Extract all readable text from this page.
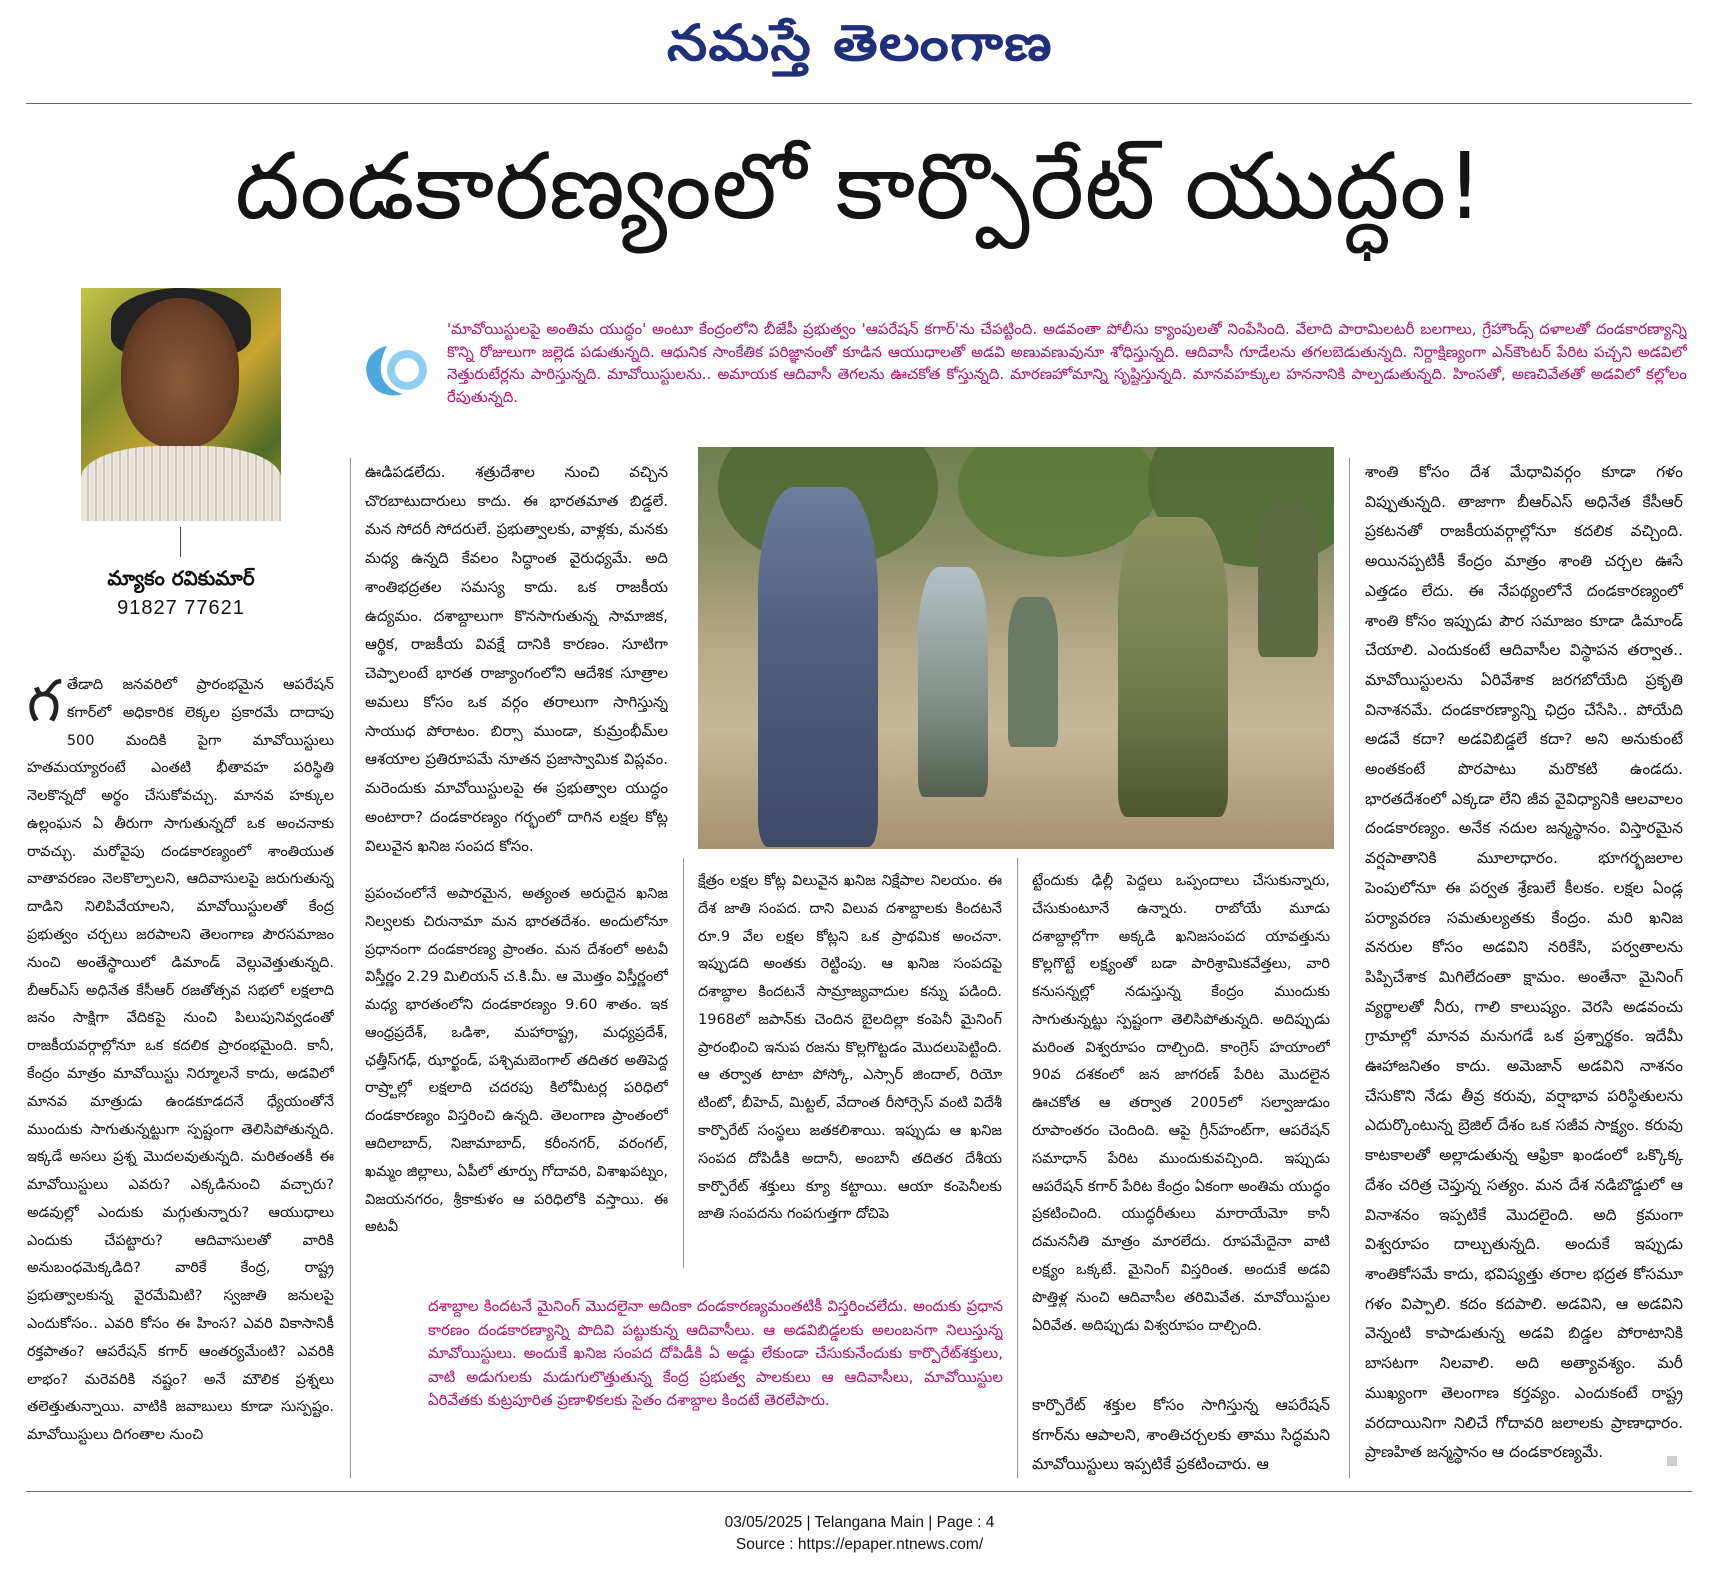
నమస్తే తెలంగాణ
దండకారణ్యంలో కార్పొరేట్ యుద్ధం!
మ్యాకం రవికుమార్
91827 77621
'మావోయిస్టులపై అంతిమ యుద్ధం' అంటూ కేంద్రంలోని బీజేపీ ప్రభుత్వం 'ఆపరేషన్ కగార్'ను చేపట్టింది. అడవంతా పోలీసు క్యాంపులతో నింపేసింది. వేలాది పారామిలటరీ బలగాలు, గ్రేహౌండ్స్ దళాలతో దండకారణ్యాన్ని కొన్ని రోజులుగా జల్లెడ పడుతున్నది. ఆధునిక సాంకేతిక పరిజ్ఞానంతో కూడిన ఆయుధాలతో అడవి అణువణువునూ శోధిస్తున్నది. ఆదివాసీ గూడేలను తగలబెడుతున్నది. నిర్దాక్షిణ్యంగా ఎన్‌కౌంటర్ పేరిట పచ్చని అడవిలో నెత్తురుటేర్లను పారిస్తున్నది. మావోయిస్టులను.. అమాయక ఆదివాసీ తెగలను ఊచకోత కోస్తున్నది. మారణహోమాన్ని సృష్టిస్తున్నది. మానవహక్కుల హననానికి పాల్పడుతున్నది. హింసతో, అణచివేతతో అడవిలో కల్లోలం రేపుతున్నది.
గ తేడాది జనవరిలో ప్రారంభమైన ఆపరేషన్ కగార్‌లో అధికారిక లెక్కల ప్రకారమే దాదాపు 500 మందికి పైగా మావోయిస్టులు హతమయ్యారంటే ఎంతటి భీతావహ పరిస్థితి నెలకొన్నదో అర్థం చేసుకోవచ్చు. మానవ హక్కుల ఉల్లంఘన ఏ తీరుగా సాగుతున్నదో ఒక అంచనాకు రావచ్చు. మరోవైపు దండకారణ్యంలో శాంతియుత వాతావరణం నెలకొల్పాలని, ఆదివాసులపై జరుగుతున్న దాడిని నిలిపివేయాలని, మావోయిస్టులతో కేంద్ర ప్రభుత్వం చర్చలు జరపాలని తెలంగాణ పౌరసమాజం నుంచి అంతేస్థాయిలో డిమాండ్ వెల్లువెత్తుతున్నది. బీఆర్ఎస్ అధినేత కేసీఆర్ రజతోత్సవ సభలో లక్షలాది జనం సాక్షిగా వేదికపై నుంచి పిలుపునివ్వడంతో రాజకీయవర్గాల్లోనూ ఒక కదలిక ప్రారంభమైంది. కానీ, కేంద్రం మాత్రం మావోయిస్టు నిర్మూలనే కాదు, అడవిలో మానవ మాత్రుడు ఉండకూడదనే ధ్యేయంతోనే ముందుకు సాగుతున్నట్టుగా స్పష్టంగా తెలిసిపోతున్నది. ఇక్కడే అసలు ప్రశ్న మొదలవుతున్నది. మరితంతకీ ఈ మావోయిస్టులు ఎవరు? ఎక్కడినుంచి వచ్చారు? అడవుల్లో ఎందుకు మగ్గుతున్నారు? ఆయుధాలు ఎందుకు చేపట్టారు? ఆదివాసులతో వారికి అనుబంధమెక్కడిది? వారికే కేంద్ర, రాష్ట్ర ప్రభుత్వాలకున్న వైరమేమిటి? స్వజాతి జనులపై ఎందుకోసం.. ఎవరి కోసం ఈ హింస? ఎవరి వికాసానికీ రక్తపాతం? ఆపరేషన్ కగార్ ఆంతర్యమేంటి? ఎవరికి లాభం? మరెవరికి నష్టం? అనే మౌలిక ప్రశ్నలు తలెత్తుతున్నాయి. వాటికి జవాబులు కూడా సుస్పష్టం. మావోయిస్టులు దిగంతాల నుంచి
ఊడిపడలేదు. శత్రుదేశాల నుంచి వచ్చిన చొరబాటుదారులు కాదు. ఈ భారతమాత బిడ్డలే. మన సోదరీ సోదరులే. ప్రభుత్వాలకు, వాళ్లకు, మనకు మధ్య ఉన్నది కేవలం సిద్ధాంత వైరుధ్యమే. అది శాంతిభద్రతల సమస్య కాదు. ఒక రాజకీయ ఉద్యమం. దశాబ్దాలుగా కొనసాగుతున్న సామాజిక, ఆర్థిక, రాజకీయ వివక్షే దానికి కారణం. సూటిగా చెప్పాలంటే భారత రాజ్యాంగంలోని ఆదేశిక సూత్రాల అమలు కోసం ఒక వర్గం తరాలుగా సాగిస్తున్న సాయుధ పోరాటం. బిర్సా ముండా, కుమ్రంభీమ్‌ల ఆశయాల ప్రతిరూపమే నూతన ప్రజాస్వామిక విప్లవం. మరెందుకు మావోయిస్టులపై ఈ ప్రభుత్వాల యుద్ధం అంటారా? దండకారణ్యం గర్భంలో దాగిన లక్షల కోట్ల విలువైన ఖనిజ సంపద కోసం.
ప్రపంచంలోనే అపారమైన, అత్యంత అరుదైన ఖనిజ నిల్వలకు చిరునామా మన భారతదేశం. అందులోనూ ప్రధానంగా దండకారణ్య ప్రాంతం. మన దేశంలో అటవీ విస్తీర్ణం 2.29 మిలియన్ చ.కి.మీ. ఆ మొత్తం విస్తీర్ణంలో మధ్య భారతంలోని దండకారణ్యం 9.60 శాతం. ఇక ఆంధ్రప్రదేశ్, ఒడిశా, మహారాష్ట్ర, మధ్యప్రదేశ్, ఛత్తీస్‌గఢ్, ఝార్ఖండ్, పశ్చిమబెంగాల్ తదితర అతిపెద్ద రాష్ర్టాల్లో లక్షలాది చదరపు కిలోమీటర్ల పరిధిలో దండకారణ్యం విస్తరించి ఉన్నది. తెలంగాణ ప్రాంతంలో ఆదిలాబాద్, నిజామాబాద్, కరీంనగర్, వరంగల్, ఖమ్మం జిల్లాలు, ఏపీలో తూర్పు గోదావరి, విశాఖపట్నం, విజయనగరం, శ్రీకాకుళం ఆ పరిధిలోకి వస్తాయి. ఈ అటవీ
క్షేత్రం లక్షల కోట్ల విలువైన ఖనిజ నిక్షేపాల నిలయం. ఈ దేశ జాతి సంపద. దాని విలువ దశాబ్దాలకు కిందటనే రూ.9 వేల లక్షల కోట్లని ఒక ప్రాథమిక అంచనా. ఇప్పుడది అంతకు రెట్టింపు. ఆ ఖనిజ సంపదపై దశాబ్దాల కిందటనే సామ్రాజ్యవాదుల కన్ను పడింది. 1968లో జపాన్‌కు చెందిన బైలదిల్లా కంపెనీ మైనింగ్ ప్రారంభించి ఇనుప రజను కొల్లగొట్టడం మొదలుపెట్టింది. ఆ తర్వాత టాటా పోస్కో, ఎస్సార్ జిందాల్, రియో టింటో, బీహెచ్, మిట్టల్, వేదాంత రీసోర్సెస్ వంటి విదేశీ కార్పొరేట్ సంస్థలు జతకలిశాయి. ఇప్పుడు ఆ ఖనిజ సంపద దోపిడీకి అదానీ, అంబానీ తదితర దేశీయ కార్పొరేట్ శక్తులు క్యూ కట్టాయి. ఆయా కంపెనీలకు జాతి సంపదను గంపగుత్తగా దోచిపె
ట్టేందుకు ఢిల్లీ పెద్దలు ఒప్పందాలు చేసుకున్నారు, చేసుకుంటూనే ఉన్నారు. రాబోయే మూడు దశాబ్దాల్లోగా అక్కడి ఖనిజసంపద యావత్తును కొల్లగొట్టే లక్ష్యంతో బడా పారిశ్రామికవేత్తలు, వారి కనుసన్నల్లో నడుస్తున్న కేంద్రం ముందుకు సాగుతున్నట్టు స్పష్టంగా తెలిసిపోతున్నది. అదిప్పుడు మరింత విశ్వరూపం దాల్చింది. కాంగ్రెస్ హయాంలో 90వ దశకంలో జన జాగరణ్ పేరిట మొదలైన ఊచకోత ఆ తర్వాత 2005లో సల్వాజుడుం రూపాంతరం చెందింది. ఆపై గ్రీన్‌హంట్‌గా, ఆపరేషన్ సమాధాన్ పేరిట ముందుకువచ్చింది. ఇప్పుడు ఆపరేషన్ కగార్ పేరిట కేంద్రం ఏకంగా అంతిమ యుద్ధం ప్రకటించింది. యుద్ధరీతులు మారాయేమో కానీ దమననీతి మాత్రం మారలేదు. రూపమేదైనా వాటి లక్ష్యం ఒక్కటే. మైనింగ్ విస్తరింత. అందుకే అడవి పొత్తిళ్ల నుంచి ఆదివాసీల తరిమివేత. మావోయిస్టుల ఏరివేత. అదిప్పుడు విశ్వరూపం దాల్చింది.
కార్పొరేట్ శక్తుల కోసం సాగిస్తున్న ఆపరేషన్ కగార్‌ను ఆపాలని, శాంతిచర్చలకు తాము సిద్ధమని మావోయిస్టులు ఇప్పటికే ప్రకటించారు. ఆ
శాంతి కోసం దేశ మేధావివర్గం కూడా గళం విప్పుతున్నది. తాజాగా బీఆర్ఎస్ అధినేత కేసీఆర్ ప్రకటనతో రాజకీయవర్గాల్లోనూ కదలిక వచ్చింది. అయినప్పటికీ కేంద్రం మాత్రం శాంతి చర్చల ఊసే ఎత్తడం లేదు. ఈ నేపథ్యంలోనే దండకారణ్యంలో శాంతి కోసం ఇప్పుడు పౌర సమాజం కూడా డిమాండ్ చేయాలి. ఎందుకంటే ఆదివాసీల విస్థాపన తర్వాత.. మావోయిస్టులను ఏరివేశాక జరగబోయేది ప్రకృతి వినాశనమే. దండకారణ్యాన్ని ఛిద్రం చేసేసి.. పోయేది అడవే కదా? అడవిబిడ్డలే కదా? అని అనుకుంటే అంతకంటే పొరపాటు మరొకటి ఉండదు. భారతదేశంలో ఎక్కడా లేని జీవ వైవిధ్యానికి ఆలవాలం దండకారణ్యం. అనేక నదుల జన్మస్థానం. విస్తారమైన వర్షపాతానికి మూలాధారం. భూగర్భజలాల పెంపులోనూ ఈ పర్వత శ్రేణులే కీలకం. లక్షల ఏండ్ల పర్యావరణ సమతుల్యతకు కేంద్రం. మరి ఖనిజ వనరుల కోసం అడవిని నరికేసి, పర్వతాలను పిప్పిచేశాక మిగిలేదంతా క్షామం. అంతేనా మైనింగ్ వ్యర్థాలతో నీరు, గాలి కాలుష్యం. వెరసి అడవంచు గ్రామాల్లో మానవ మనుగడే ఒక ప్రశ్నార్థకం. ఇదేమీ ఊహాజనితం కాదు. అమెజాన్ అడవిని నాశనం చేసుకొని నేడు తీవ్ర కరువు, వర్షాభావ పరిస్థితులను ఎదుర్కొంటున్న బ్రెజిల్ దేశం ఒక సజీవ సాక్ష్యం. కరువు కాటకాలతో అల్లాడుతున్న ఆఫ్రికా ఖండంలో ఒక్కొక్క దేశం చరిత్ర చెప్తున్న సత్యం. మన దేశ నడిబొడ్డులో ఆ వినాశనం ఇప్పటికే మొదలైంది. అది క్రమంగా విశ్వరూపం దాల్చుతున్నది. అందుకే ఇప్పుడు శాంతికోసమే కాదు, భవిష్యత్తు తరాల భద్రత కోసమూ గళం విప్పాలి. కదం కదపాలి. అడవిని, ఆ అడవిని వెన్నంటి కాపాడుతున్న అడవి బిడ్డల పోరాటానికి బాసటగా నిలవాలి. అది అత్యావశ్యం. మరీ ముఖ్యంగా తెలంగాణ కర్తవ్యం. ఎందుకంటే రాష్ట్ర వరదాయినిగా నిలిచే గోదావరి జలాలకు ప్రాణాధారం. ప్రాణహిత జన్మస్థానం ఆ దండకారణ్యమే.
దశాబ్దాల కిందటనే మైనింగ్ మొదలైనా అదింకా దండకారణ్యమంతటికీ విస్తరించలేదు. అందుకు ప్రధాన కారణం దండకారణ్యాన్ని పొదివి పట్టుకున్న ఆదివాసీలు. ఆ అడవిబిడ్డలకు అలంబనగా నిలుస్తున్న మావోయిస్టులు. అందుకే ఖనిజ సంపద దోపిడీకి ఏ అడ్డు లేకుండా చేసుకునేందుకు కార్పొరేట్‌శక్తులు, వాటి అడుగులకు మడుగులొత్తుతున్న కేంద్ర ప్రభుత్వ పాలకులు ఆ ఆదివాసీలు, మావోయిస్టుల ఏరివేతకు కుట్రపూరిత ప్రణాళికలకు సైతం దశాబ్దాల కిందటే తెరలేపారు.
03/05/2025 | Telangana Main | Page : 4
Source : https://epaper.ntnews.com/
